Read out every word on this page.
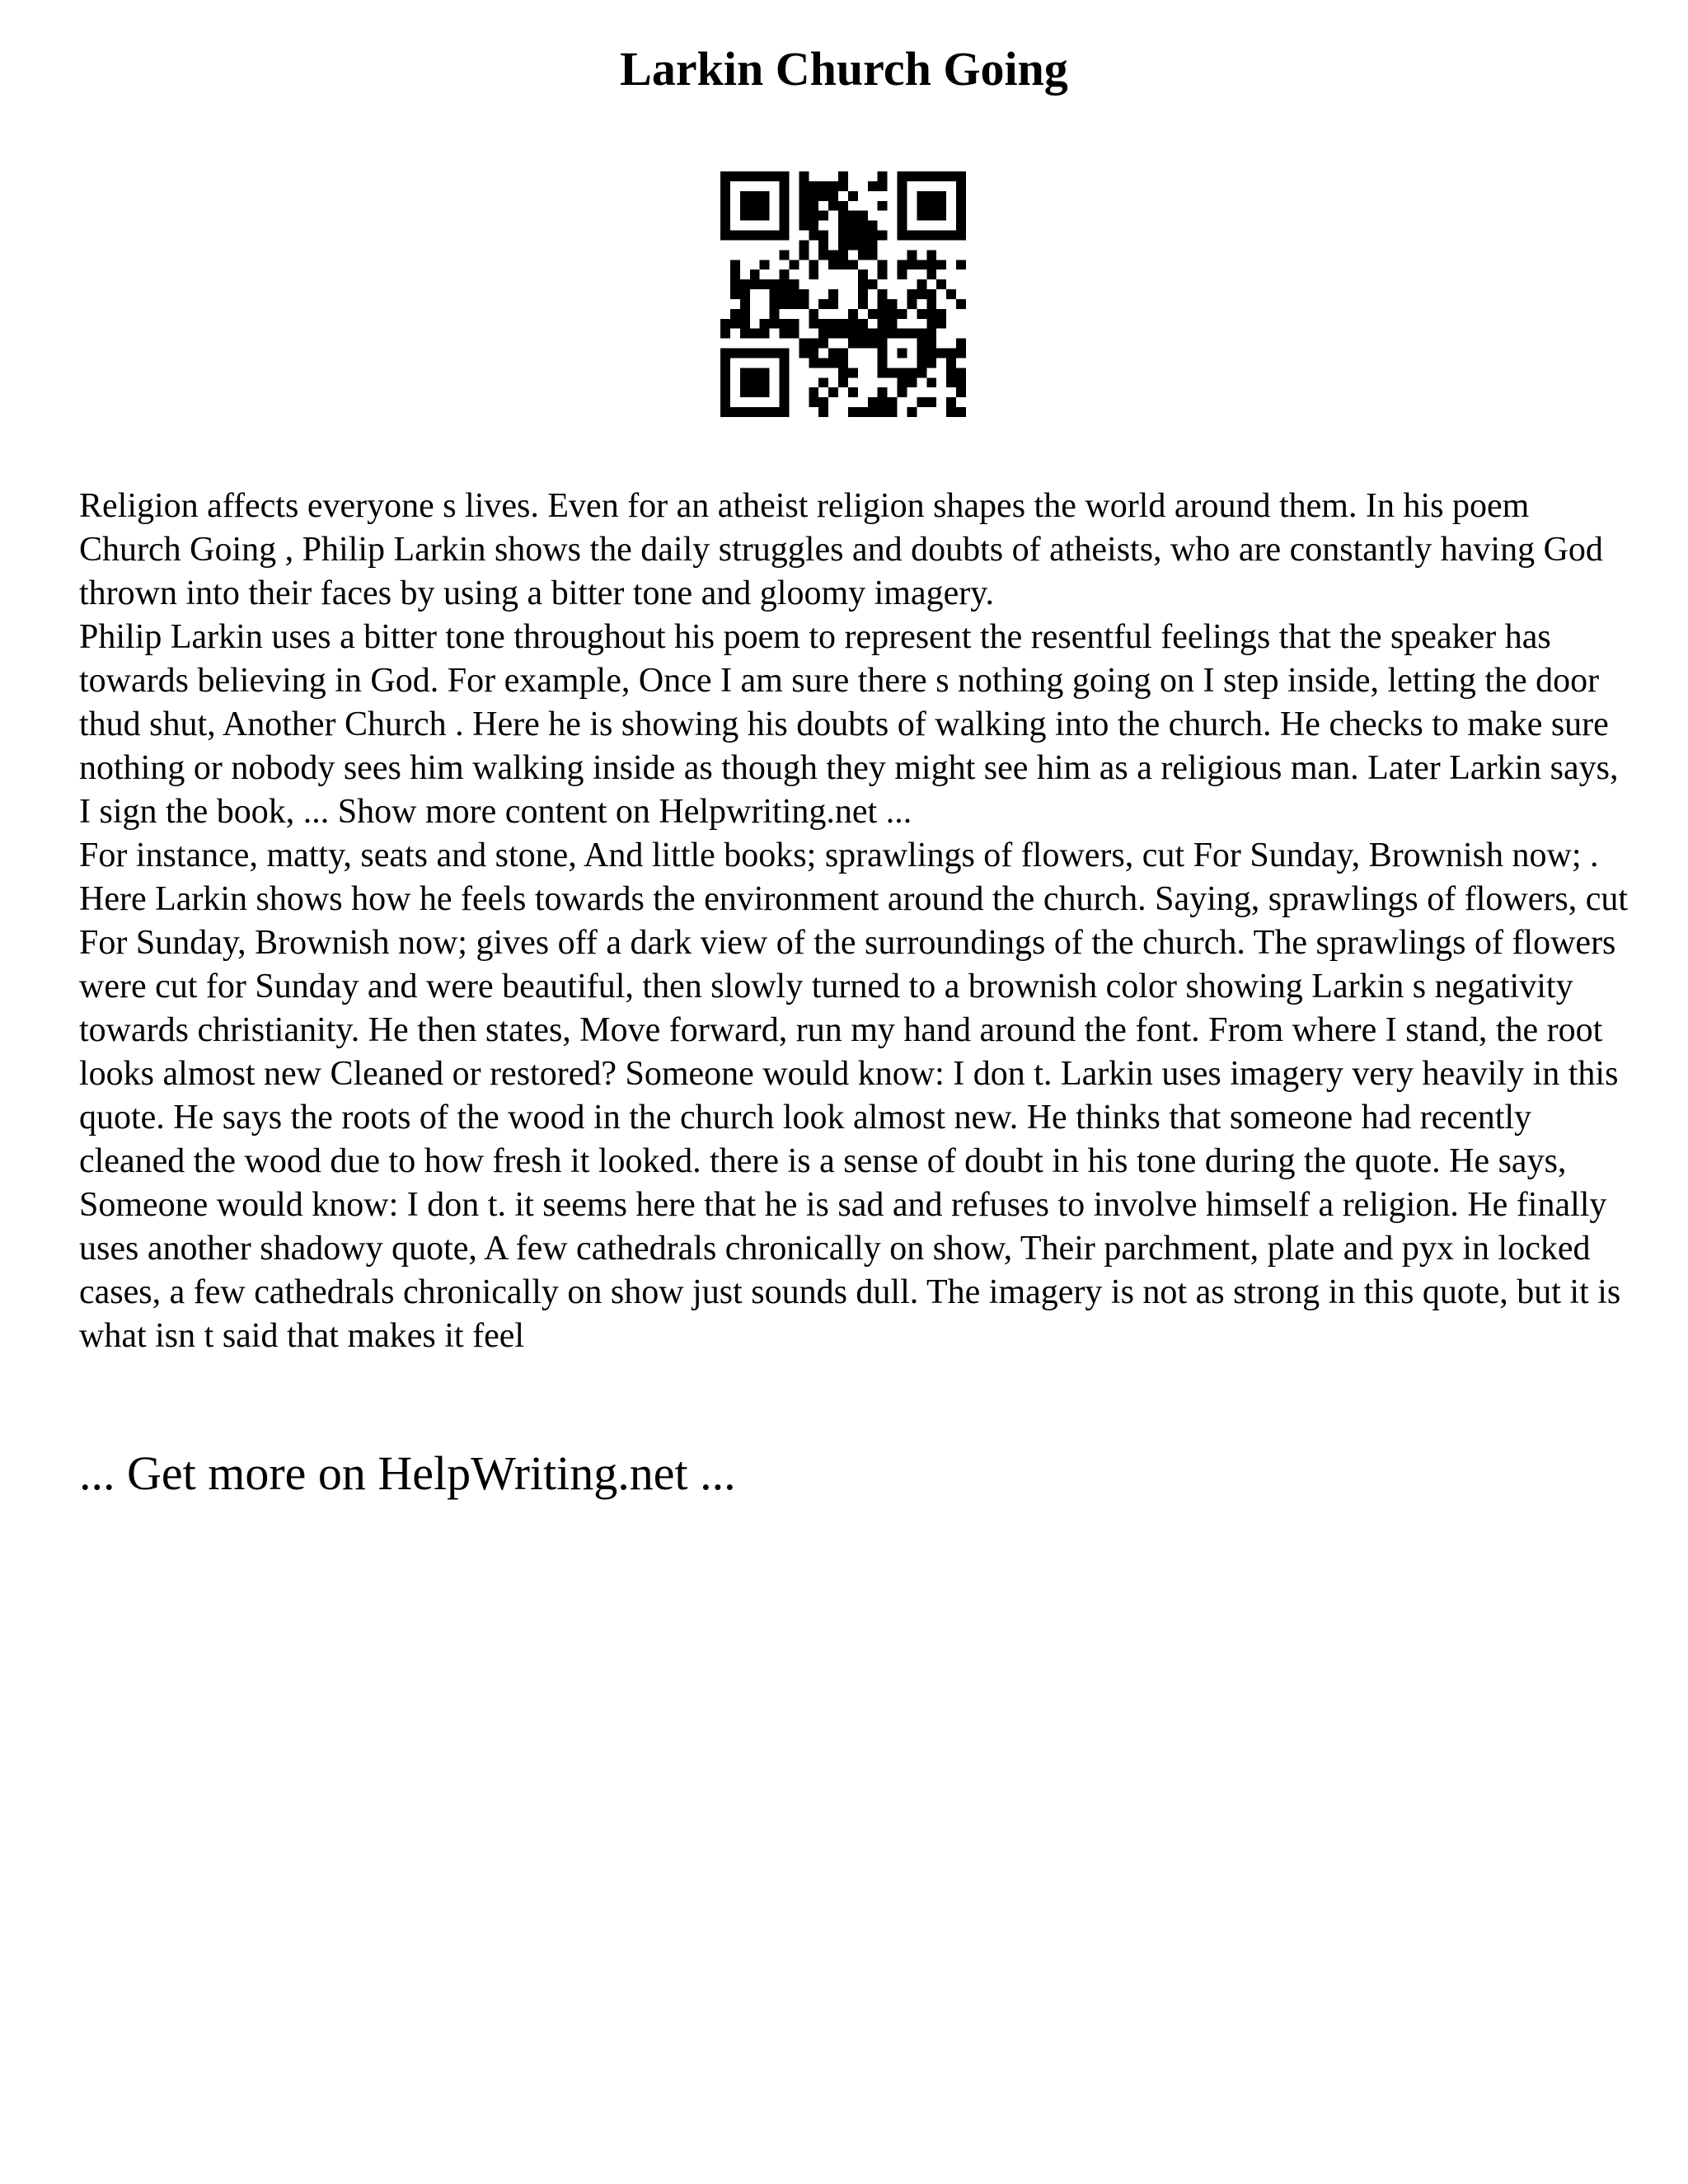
Larkin Church Going

Religion affects everyone s lives. Even for an atheist religion shapes the world around them. In his poem Church Going , Philip Larkin shows the daily struggles and doubts of atheists, who are constantly having God thrown into their faces by using a bitter tone and gloomy imagery.

Philip Larkin uses a bitter tone throughout his poem to represent the resentful feelings that the speaker has towards believing in God. For example, Once I am sure there s nothing going on I step inside, letting the door thud shut, Another Church . Here he is showing his doubts of walking into the church. He checks to make sure nothing or nobody sees him walking inside as though they might see him as a religious man. Later Larkin says, I sign the book, ... Show more content on Helpwriting.net ...

For instance, matty, seats and stone, And little books; sprawlings of flowers, cut For Sunday, Brownish now; . Here Larkin shows how he feels towards the environment around the church. Saying, sprawlings of flowers, cut For Sunday, Brownish now; gives off a dark view of the surroundings of the church. The sprawlings of flowers were cut for Sunday and were beautiful, then slowly turned to a brownish color showing Larkin s negativity towards christianity. He then states, Move forward, run my hand around the font. From where I stand, the root looks almost new Cleaned or restored? Someone would know: I don t. Larkin uses imagery very heavily in this quote. He says the roots of the wood in the church look almost new. He thinks that someone had recently cleaned the wood due to how fresh it looked. there is a sense of doubt in his tone during the quote. He says, Someone would know: I don t. it seems here that he is sad and refuses to involve himself a religion. He finally uses another shadowy quote, A few cathedrals chronically on show, Their parchment, plate and pyx in locked cases, a few cathedrals chronically on show just sounds dull. The imagery is not as strong in this quote, but it is what isn t said that makes it feel

... Get more on HelpWriting.net ...
